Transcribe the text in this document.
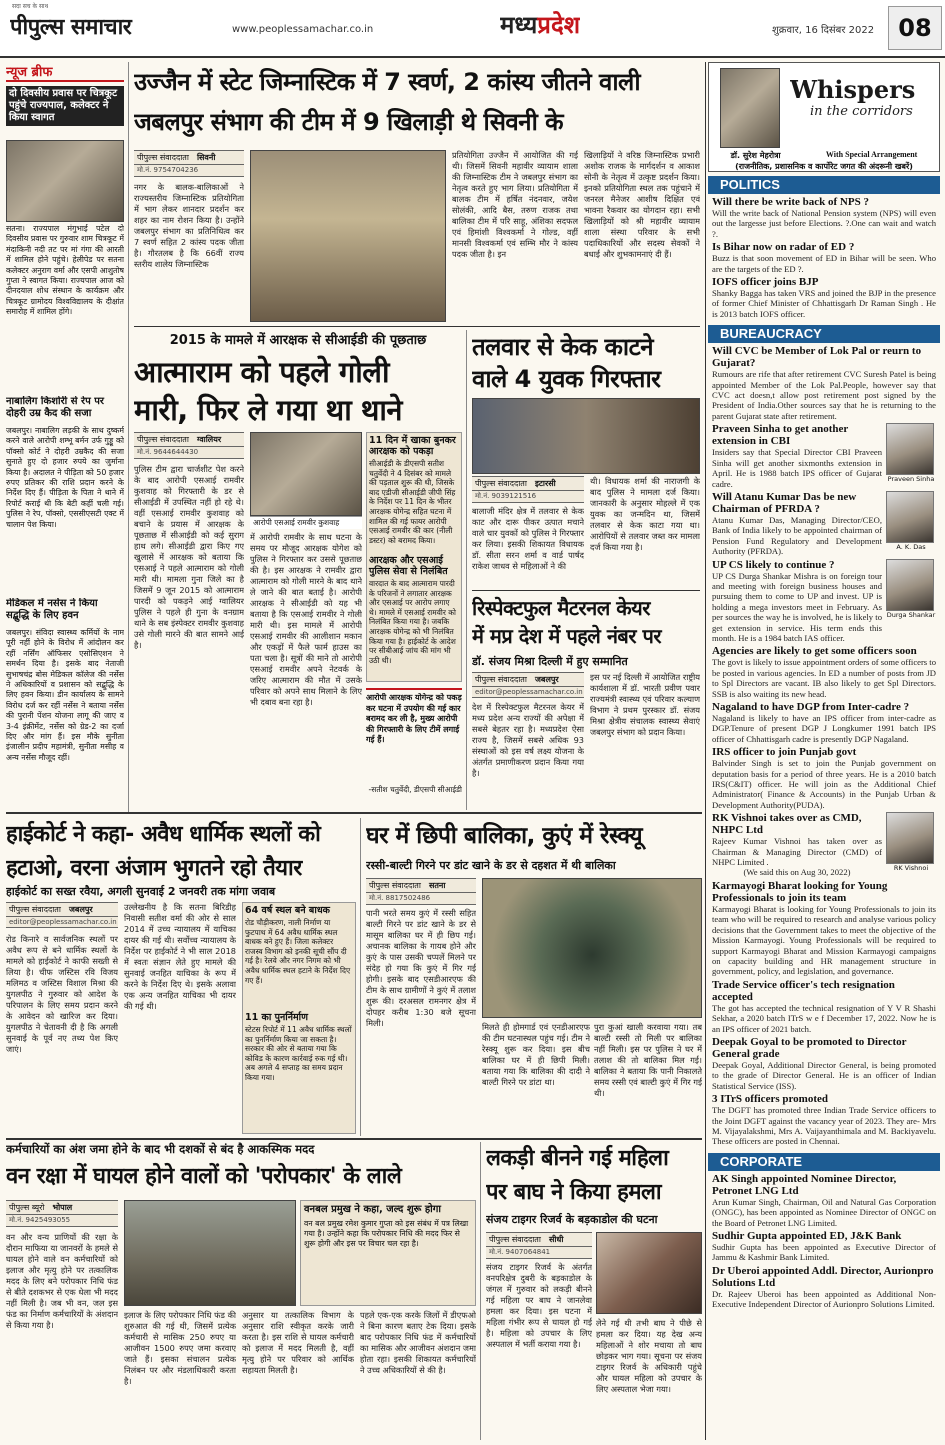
सदा सच के साथ
पीपुल्स समाचार	www.peoplessamachar.co.in	मध्यप्रदेश	शुक्रवार, 16 दिसंबर 2022	08
न्यूज ब्रीफ
दो दिवसीय प्रवास पर चित्रकूट पहुंचे राज्यपाल, कलेक्टर ने किया स्वागत
सतना। राज्यपाल मंगुभाई पटेल दो दिवसीय प्रवास पर गुरुवार शाम चित्रकूट में मंदाकिनी नदी तट पर मां गंगा की आरती में शामिल होने पहुंचे। हेलीपेड पर सतना कलेक्टर अनुराग वर्मा और एसपी आशुतोष गुप्ता ने स्वागत किया। राज्यपाल आज को दीनदयाल शोध संस्थान के कार्यक्रम और चित्रकूट ग्रामोदय विश्वविद्यालय के दीक्षांत समारोह में शामिल होंगे।
नाबालिग किशोरी से रेप पर दोहरी उम्र कैद की सजा
जबलपुर। नाबालिग लड़की के साथ दुष्कर्म करने वाले आरोपी शम्भू बर्मन उर्फ गुड्डू को पॉक्सो कोर्ट ने दोहरी उम्रकैद की सजा सुनाते हुए दो हजार रुपये का जुर्माना किया है। अदालत ने पीड़िता को 50 हजार रुपए प्रतिकर की राशि प्रदान करने के निर्देश दिए हैं। पीड़िता के पिता ने थाने में रिपोर्ट कराई थी कि बेटी कहीं चली गई। पुलिस ने रेप, पॉक्सो, एससीएसटी एक्ट में चालान पेश किया।
मेडिकल में नर्सेस ने किया सद्बुद्धि के लिए हवन
जबलपुर। संविदा स्वास्थ्य कर्मियों के नाम पूरी नहीं होने के विरोध में आंदोलन कर रहीं नर्सिंग ऑफिसर एसोसिएशन ने समर्थन दिया है। इसके बाद नेताजी सुभाषचंद्र बोस मेडिकल कॉलेज की नर्सेस ने अधिकारियों व प्रशासन को सद्बुद्धि के लिए हवन किया। डीन कार्यालय के सामने विरोध दर्ज कर रहीं नर्सेस ने बताया नर्सेस की पुरानी पेंशन योजना लागू की जाए व 3-4 इंक्रीमेंट, नर्सेस को ग्रेड-2 का दर्जा दिए और मांग हैं। इस मौके सुनीता इंजालीन प्रदीप महामंत्री, सुनीता मसीह व अन्य नर्सेस मौजूद रहीं।
उज्जैन में स्टेट जिम्नास्टिक में 7 स्वर्ण, 2 कांस्य जीतने वाली जबलपुर संभाग की टीम में 9 खिलाड़ी थे सिवनी के
पीपुल्स संवाददाता सिवनी
मो.नं. 9754704236
नगर के बालक-बालिकाओं ने राज्यस्तरीय जिम्नास्टिक प्रतियोगिता में भाग लेकर शानदार प्रदर्शन कर शहर का नाम रोशन किया है। उन्होंने जबलपुर संभाग का प्रतिनिधित्व कर 7 स्वर्ण सहित 2 कांस्य पदक जीता है। गौरतलब है कि 66वीं राज्य स्तरीय शालेय जिम्नास्टिक
प्रतियोगिता उज्जैन में आयोजित की गई थी। जिसमें सिवनी महावीर व्यायाम शाला की जिम्नास्टिक टीम ने जबलपुर संभाग का नेतृत्व करते हुए भाग लिया। प्रतियोगिता में बालक टीम में हर्षित नंदनवार, जयेश सोलंकी, आदि बैस, तरुण राजक तथा बालिका टीम में परि साहू, अंशिका सदफल एवं हिमांशी विश्वकर्मा ने गोल्ड, वहीं मानसी विश्वकर्मा एवं सम्भि मौर ने कांस्य पदक जीता है। इन
खिलाड़ियों ने वरिष्ठ जिम्नास्टिक प्रभारी अशोक राजक के मार्गदर्शन व आकाश सोनी के नेतृत्व में उत्कृष्ट प्रदर्शन किया। इनको प्रतियोगिता स्थल तक पहुंचाने में जनरल मैनेजर आशीष दिक्षित एवं भावना रैकवार का योगदान रहा। सभी खिलाड़ियों को श्री महावीर व्यायाम शाला संस्था परिवार के सभी पदाधिकारियों और सदस्य सेवकों ने बधाई और शुभकामनाएं दी हैं।
2015 के मामले में आरक्षक से सीआईडी की पूछताछ
आत्माराम को पहले गोली
मारी, फिर ले गया था थाने
पीपुल्स संवाददाता ग्वालियर
मो.नं. 9644644430
आरोपी एसआई रामवीर कुशवाह
पुलिस टीम द्वारा चार्जशीट पेश करने के बाद आरोपी एसआई रामवीर कुशवाह को गिरफ्तारी के डर से सीआईडी में उपस्थित नहीं हो रहे थे। वहीं एसआई रामवीर कुशवाह को बचाने के प्रयास में आरक्षक के पूछताछ में सीआईडी को कई सुराग हाथ लगे। सीआईडी द्वारा किए गए खुलासे में आरक्षक को बताया कि एसआई ने पहले आत्माराम को गोली मारी थी। मामला गुना जिले का है जिसमें 9 जून 2015 को आत्माराम पारदी को पकड़ने आई ग्वालियर पुलिस ने पहले ही गुना के वनग्राम थाने के सब इंस्पेक्टर रामवीर कुशवाह उसे गोली मारने की बात सामने आई है।
में आरोपी रामवीर के साथ घटना के समय पर मौजूद आरक्षक योगेश को पुलिस ने गिरफ्तार कर उससे पूछताछ की है। इस आरक्षक ने रामवीर द्वारा आत्माराम को गोली मारने के बाद थाने ले जाने की बात बताई है। आरोपी आरक्षक ने सीआईडी को यह भी बताया है कि एसआई रामवीर ने गोली मारी थी। इस मामले में आरोपी एसआई रामवीर की आलीशान मकान और एकड़ों में फैले फार्म हाउस का पता चला है। सूत्रों की माने तो आरोपी एसआई रामवीर अपने नेटवर्क के जरिए आत्माराम की मौत में उसके परिवार को अपने साथ मिलाने के लिए भी दबाव बना रहा है।
11 दिन में खाका बुनकर आरक्षक को पकड़ा
सीआईडी के डीएसपी सतीश चतुर्वेदी ने 4 दिसंबर को मामले की पड़ताल शुरू की थी, जिसके बाद एडीजी सीआईडी जीपी सिंह के निर्देश पर 11 दिन के भीतर आरक्षक योगेन्द्र सहित घटना में शामिल की गई फायर आरोपी एसआई रामवीर की कार (नीली डस्टर) को बरामद किया।
आरक्षक और एसआई पुलिस सेवा से निलंबित
वारदात के बाद आत्माराम पारदी के परिजनों ने लगातार आरक्षक और एसआई पर आरोप लगाए थे। मामले में एसआई रामवीर को निलंबित किया गया है। जबकि आरक्षक योगेन्द्र को भी निलंबित किया गया है। हाईकोर्ट के आदेश पर सीबीआई जांच की मांग भी उठी थी।
आरोपी आरक्षक योगेन्द्र को पकड़ कर घटना में उपयोग की गई कार बरामद कर ली है, मुख्य आरोपी की गिरफ्तारी के लिए टीमें लगाई गई हैं।
-सतीश चतुर्वेदी, डीएसपी सीआईडी
तलवार से केक काटने
वाले 4 युवक गिरफ्तार
पीपुल्स संवाददाता इटारसी
मो.नं. 9039121516
बालाजी मंदिर क्षेत्र में तलवार से केक काट और दारू पीकर उत्पात मचाने वाले चार युवकों को पुलिस ने गिरफ्तार कर लिया। इसकी शिकायत विधायक डॉ. सीता सरन शर्मा व वार्ड पार्षद राकेश जाधव से महिलाओं ने की
थी। विधायक शर्मा की नाराजगी के बाद पुलिस ने मामला दर्ज किया। जानकारी के अनुसार मोहल्ले में एक युवक का जन्मदिन था, जिसमें तलवार से केक काटा गया था। आरोपियों से तलवार जब्त कर मामला दर्ज किया गया है।
रिस्पेक्टफुल मैटरनल केयर
में मप्र देश में पहले नंबर पर
डॉ. संजय मिश्रा दिल्ली में हुए सम्मानित
पीपुल्स संवाददाता जबलपुर
editor@peoplessamachar.co.in
देश में रिस्पेक्टफुल मैटरनल केयर में मध्य प्रदेश अन्य राज्यों की अपेक्षा में सबसे बेहतर रहा है। मध्यप्रदेश ऐसा राज्य है, जिसमें सबसे अधिक 93 संस्थाओं को इस वर्ष लक्ष्य योजना के अंतर्गत प्रमाणीकरण प्रदान किया गया है।
इस पर नई दिल्ली में आयोजित राष्ट्रीय कार्यशाला में डॉ. भारती प्रवीण पवार राज्यमंत्री स्वास्थ्य एवं परिवार कल्याण विभाग ने प्रथम पुरस्कार डॉ. संजय मिश्रा क्षेत्रीय संचालक स्वास्थ्य सेवाएं जबलपुर संभाग को प्रदान किया।
हाईकोर्ट ने कहा- अवैध धार्मिक स्थलों को
हटाओ, वरना अंजाम भुगतने रहो तैयार
हाईकोर्ट का सख्त रवैया, अगली सुनवाई 2 जनवरी तक मांगा जवाब
पीपुल्स संवाददाता जबलपुर
editor@peoplessamachar.co.in
रोड किनारे व सार्वजनिक स्थलों पर अवैध रूप से बने धार्मिक स्थलों के मामले को हाईकोर्ट ने काफी सख्ती से लिया है। चीफ जस्टिस रवि विजय मलिमठ व जस्टिस विशाल मिश्रा की युगलपीठ ने गुरुवार को आदेश के परिपालन के लिए समय प्रदान करने के आवेदन को खारिज कर दिया। युगलपीठ ने चेतावनी दी है कि अगली सुनवाई के पूर्व नए तथ्य पेश किए जाएं।
उल्लेखनीय है कि सतना बिरिडीह निवासी सतीश वर्मा की ओर से साल 2014 में उच्च न्यायालय में याचिका दायर की गई थी। सर्वोच्च न्यायालय के निर्देश पर हाईकोर्ट ने भी साल 2018 में स्वतः संज्ञान लेते हुए मामले की सुनवाई जनहित याचिका के रूप में करने के निर्देश दिए थे। इसके अलावा एक अन्य जनहित याचिका भी दायर की गई थी।
64 वर्ष स्थल बने बाधक
रोड चौड़ीकरण, नाली निर्माण या फुटपाथ में 64 अवैध धार्मिक स्थल बाधक बने हुए हैं। जिला कलेक्टर राजस्व विभाग को इनकी सूची सौंप दी गई है। रेलवे और नगर निगम को भी अवैध धार्मिक स्थल हटाने के निर्देश दिए गए हैं।
11 का पुनर्निर्माण
स्टेटस रिपोर्ट में 11 अवैध धार्मिक स्थलों का पुनर्निर्माण किया जा सकता है। सरकार की ओर से बताया गया कि कोविड के कारण कार्रवाई रुक गई थी। अब अगले 4 सप्ताह का समय प्रदान किया गया।
घर में छिपी बालिका, कुएं में रेस्क्यू
रस्सी-बाल्टी गिरने पर डांट खाने के डर से दहशत में थी बालिका
पीपुल्स संवाददाता सतना
मो.नं. 8817502486
पानी भरते समय कुएं में रस्सी सहित बाल्टी गिरने पर डांट खाने के डर से मासूम बालिका घर में ही छिप गई। अचानक बालिका के गायब होने और कुएं के पास उसकी चप्पलें मिलने पर संदेह हो गया कि कुएं में गिर गई होगी। इसके बाद एसडीआरएफ की टीम के साथ ग्रामीणों ने कुएं में तलाश शुरू की। दरअसल रामनगर क्षेत्र में दोपहर करीब 1:30 बजे सूचना मिली।	मिलते ही होमगार्ड एवं एनडीआरएफ की टीम घटनास्थल पहुंच गई। टीम ने रेस्क्यू शुरू कर दिया। इस बीच बालिका घर में ही छिपी मिली। बताया गया कि बालिका की दादी ने बाल्टी गिरने पर डांटा था।
पुरा कुआं खाली करवाया गया। तब बाल्टी रस्सी तो मिली पर बालिका नहीं मिली। इस पर पुलिस ने घर में तलाश की तो बालिका मिल गई। बालिका ने बताया कि पानी निकालते समय रस्सी एवं बाल्टी कुएं में गिर गई थी।
कर्मचारियों का अंश जमा होने के बाद भी दशकों से बंद है आकस्मिक मदद
वन रक्षा में घायल होने वालों को 'परोपकार' के लाले
पीपुल्स ब्यूरो भोपाल
मो.नं. 9425493055
वन और वन्य प्राणियों की रक्षा के दौरान माफिया या जानवरों के हमले से घायल होने वाले वन कर्मचारियों को इलाज और मृत्यु होने पर तत्कालिक मदद के लिए बने परोपकार निधि फंड से बीते दशकभर से एक धेला भी मदद नहीं मिली है। जब भी वन, जल इस फंड का निर्माण कर्मचारियों के अंशदान से किया गया है।
वनबल प्रमुख ने कहा, जल्द शुरू होगा
वन बल प्रमुख रमेश कुमार गुप्ता को इस संबंध में पत्र लिखा गया है। उन्होंने कहा कि परोपकार निधि की मदद फिर से शुरू होगी और इस पर विचार चल रहा है।
इलाज के लिए परोपकार निधि फंड की शुरुआत की गई थी, जिसमें प्रत्येक कर्मचारी से मासिक 250 रुपए या आजीवन 1500 रुपए जमा करवाए जाते हैं। इसका संचालन प्रत्येक निलंबन पर और मंडलाधिकारी करता है।
अनुसार या तत्कालिक विभाग के अनुसार राशि स्वीकृत करके जारी करता है। इस राशि से घायल कर्मचारी को इलाज में मदद मिलती है, वहीं मृत्यु होने पर परिवार को आर्थिक सहायता मिलती है।
पहले एक-एक करके जिलों में डीएफओ ने बिना कारण बताए टेक दिया। इसके बाद परोपकार निधि फंड में कर्मचारियों का मासिक और आजीवन अंशदान जमा होता रहा। इसकी शिकायत कर्मचारियों ने उच्च अधिकारियों से की है।
लकड़ी बीनने गई महिला
पर बाघ ने किया हमला
संजय टाइगर रिजर्व के बड़काडोल की घटना
पीपुल्स संवाददाता सीधी
मो.नं. 9407064841
संजय टाइगर रिजर्व के अंतर्गत वनपरिक्षेत्र दुबरी के बड़काडोल के जंगल में गुरुवार को लकड़ी बीनने गई महिला पर बाघ ने जानलेवा हमला कर दिया। इस घटना में महिला गंभीर रूप से घायल हो गई है। महिला को उपचार के लिए अस्पताल में भर्ती कराया गया है।
लेने गई थी तभी बाघ ने पीछे से हमला कर दिया। यह देख अन्य महिलाओं ने शोर मचाया तो बाघ छोड़कर भाग गया। सूचना पर संजय टाइगर रिजर्व के अधिकारी पहुंचे और घायल महिला को उपचार के लिए अस्पताल भेजा गया।
Whispers
in the corridors
डॉ. सुरेश मेहरोत्रा	With Special Arrangement
(राजनीतिक, प्रशासनिक व कार्पोरेट जगत की अंदरूनी खबरें)
POLITICS
Will there be write back of NPS ?
Will the write back of National Pension system (NPS) will even out the largesse just before Elections. ?.One can wait and watch ?.
Is Bihar now on radar of ED ?
Buzz is that soon movement of ED in Bihar will be seen. Who are the targets of the ED ?.
IOFS officer joins BJP
Shanky Bagga has taken VRS and joined the BJP in the presence of former Chief Minister of Chhattisgarh Dr Raman Singh . He is 2013 batch IOFS officer.
BUREAUCRACY
Will CVC be Member of Lok Pal or reurn to Gujarat?
Rumours are rife that after retirement CVC Suresh Patel is being appointed Member of the Lok Pal.People, however say that CVC act doesn,t allow post retirement post signed by the President of India.Other sources say that he is returning to the parent Gujarat state after retirement.
Praveen Sinha to get another extension in CBI
Insiders say that Special Director CBI Praveen Sinha will get another sixmonths extension in April. He is 1988 batch IPS officer of Gujarat cadre.	Praveen Sinha
Will Atanu Kumar Das be new Chairman of PFRDA ?
Atanu Kumar Das, Managing Director/CEO, Bank of India likely to be appointed chairman of Pension Fund Regulatory and Development Authority (PFRDA).	A. K. Das
UP CS likely to continue ?
UP CS Durga Shankar Mishra is on foreign tour and meeting with foreign business houses and pursuing them to come to UP and invest. UP is holding a mega investors meet in February. As per sources the way he is involved, he is likely to get extension in service. His term ends this month. He is a 1984 batch IAS officer.
Durga Shankar
Agencies are likely to get some officers soon
The govt is likely to issue appointment orders of some officers to be posted in various agencies. In ED a number of posts from JD to Spl Directors are vacant. IB also likely to get Spl Directors. SSB is also waiting its new head.
Nagaland to have DGP from Inter-cadre ?
Nagaland is likely to have an IPS officer from inter-cadre as DGP.Tenure of present DGP J Longkumer 1991 batch IPS officer of Chhattisgarh cadre is presently DGP Nagaland.
IRS officer to join Punjab govt
Balvinder Singh is set to join the Punjab government on deputation basis for a period of three years. He is a 2010 batch IRS(C&IT) officer. He will join as the Additional Chief Administrator( Finance & Accounts) in the Punjab Urban & Development Authority(PUDA).
RK Vishnoi takes over as CMD, NHPC Ltd
Rajeev Kumar Vishnoi has taken over as Chairman & Managing Director (CMD) of NHPC Limited .
(We said this on Aug 30, 2022)	RK Vishnoi
Karmayogi Bharat looking for Young Professionals to join its team
Karmayogi Bharat is looking for Young Professionals to join its team who will be required to research and analyse various policy decisions that the Government takes to meet the objective of the Mission Karmayogi. Young Professionals will be required to support Karmayogi Bharat and Mission Karmayogi campaigns on capacity building and HR management structure in government, policy, and legislation, and governance.
Trade Service officer's tech resignation accepted
The got has accepted the technical resignation of Y V R Shashi Sekhar, a 2020 batch ITrS w e f December 17, 2022. Now he is an IPS officer of 2021 batch.
Deepak Goyal to be promoted to Director General grade
Deepak Goyal, Additional Director General, is being promoted to the grade of Director General. He is an officer of Indian Statistical Service (ISS).
3 ITrS officers promoted
The DGFT has promoted three Indian Trade Service officers to the Joint DGFT against the vacancy year of 2023. They are- Mrs M. Vijayalakshmi, Mrs A. Vaijayanthimala and M. Backiyavelu. These officers are posted in Chennai.
CORPORATE
AK Singh appointed Nominee Director, Petronet LNG Ltd
Arun Kumar Singh, Chairman, Oil and Natural Gas Corporation (ONGC), has been appointed as Nominee Director of ONGC on the Board of Petronet LNG Limited.
Sudhir Gupta appointed ED, J&K Bank
Sudhir Gupta has been appointed as Executive Director of Jammu & Kashmir Bank Limited.
Dr Uberoi appointed Addl. Director, Aurionpro Solutions Ltd
Dr. Rajeev Uberoi has been appointed as Additional Non-Executive Independent Director of Aurionpro Solutions Limited.
